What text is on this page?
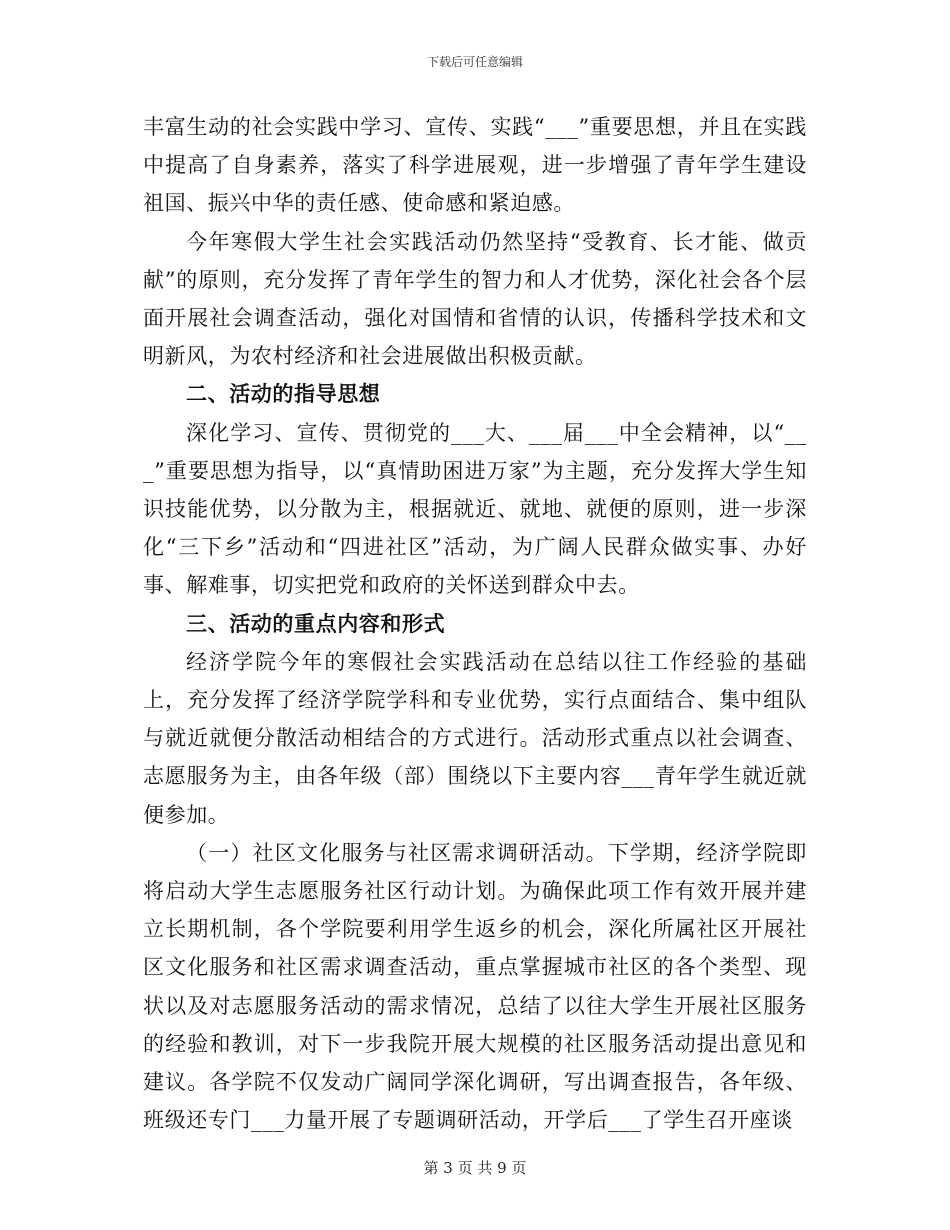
下载后可任意编辑

丰富生动的社会实践中学习、宣传、实践“___”重要思想，并且在实践中提高了自身素养，落实了科学进展观，进一步增强了青年学生建设祖国、振兴中华的责任感、使命感和紧迫感。

今年寒假大学生社会实践活动仍然坚持“受教育、长才能、做贡献”的原则，充分发挥了青年学生的智力和人才优势，深化社会各个层面开展社会调查活动，强化对国情和省情的认识，传播科学技术和文明新风，为农村经济和社会进展做出积极贡献。

二、活动的指导思想

深化学习、宣传、贯彻党的___大、___届___中全会精神，以“___”重要思想为指导，以“真情助困进万家”为主题，充分发挥大学生知识技能优势，以分散为主，根据就近、就地、就便的原则，进一步深化“三下乡”活动和“四进社区”活动，为广阔人民群众做实事、办好事、解难事，切实把党和政府的关怀送到群众中去。

三、活动的重点内容和形式

经济学院今年的寒假社会实践活动在总结以往工作经验的基础上，充分发挥了经济学院学科和专业优势，实行点面结合、集中组队与就近就便分散活动相结合的方式进行。活动形式重点以社会调查、志愿服务为主，由各年级（部）围绕以下主要内容___青年学生就近就便参加。

（一）社区文化服务与社区需求调研活动。下学期，经济学院即将启动大学生志愿服务社区行动计划。为确保此项工作有效开展并建立长期机制，各个学院要利用学生返乡的机会，深化所属社区开展社区文化服务和社区需求调查活动，重点掌握城市社区的各个类型、现状以及对志愿服务活动的需求情况，总结了以往大学生开展社区服务的经验和教训，对下一步我院开展大规模的社区服务活动提出意见和建议。各学院不仅发动广阔同学深化调研，写出调查报告，各年级、班级还专门___力量开展了专题调研活动，开学后___了学生召开座谈

第 3 页 共 9 页
